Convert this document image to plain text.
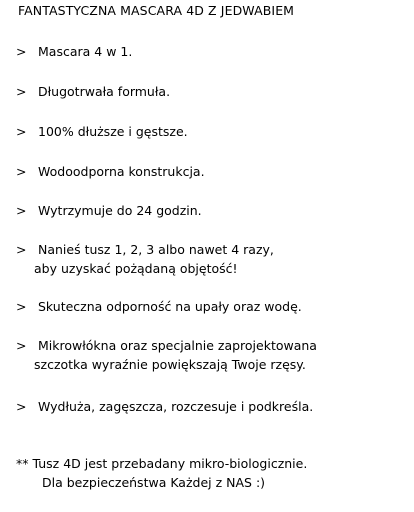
FANTASTYCZNA MASCARA 4D Z JEDWABIEM
> Mascara 4 w 1.
> Długotrwała formuła.
> 100% dłuższe i gęstsze.
> Wodoodporna konstrukcja.
> Wytrzymuje do 24 godzin.
> Nanieś tusz 1, 2, 3 albo nawet 4 razy,
aby uzyskać pożądaną objętość!
> Skuteczna odporność na upały oraz wodę.
> Mikrowłókna oraz specjalnie zaprojektowana
szczotka wyraźnie powiększają Twoje rzęsy.
> Wydłuża, zagęszcza, rozczesuje i podkreśla.
** Tusz 4D jest przebadany mikro-biologicznie.
Dla bezpieczeństwa Każdej z NAS :)
